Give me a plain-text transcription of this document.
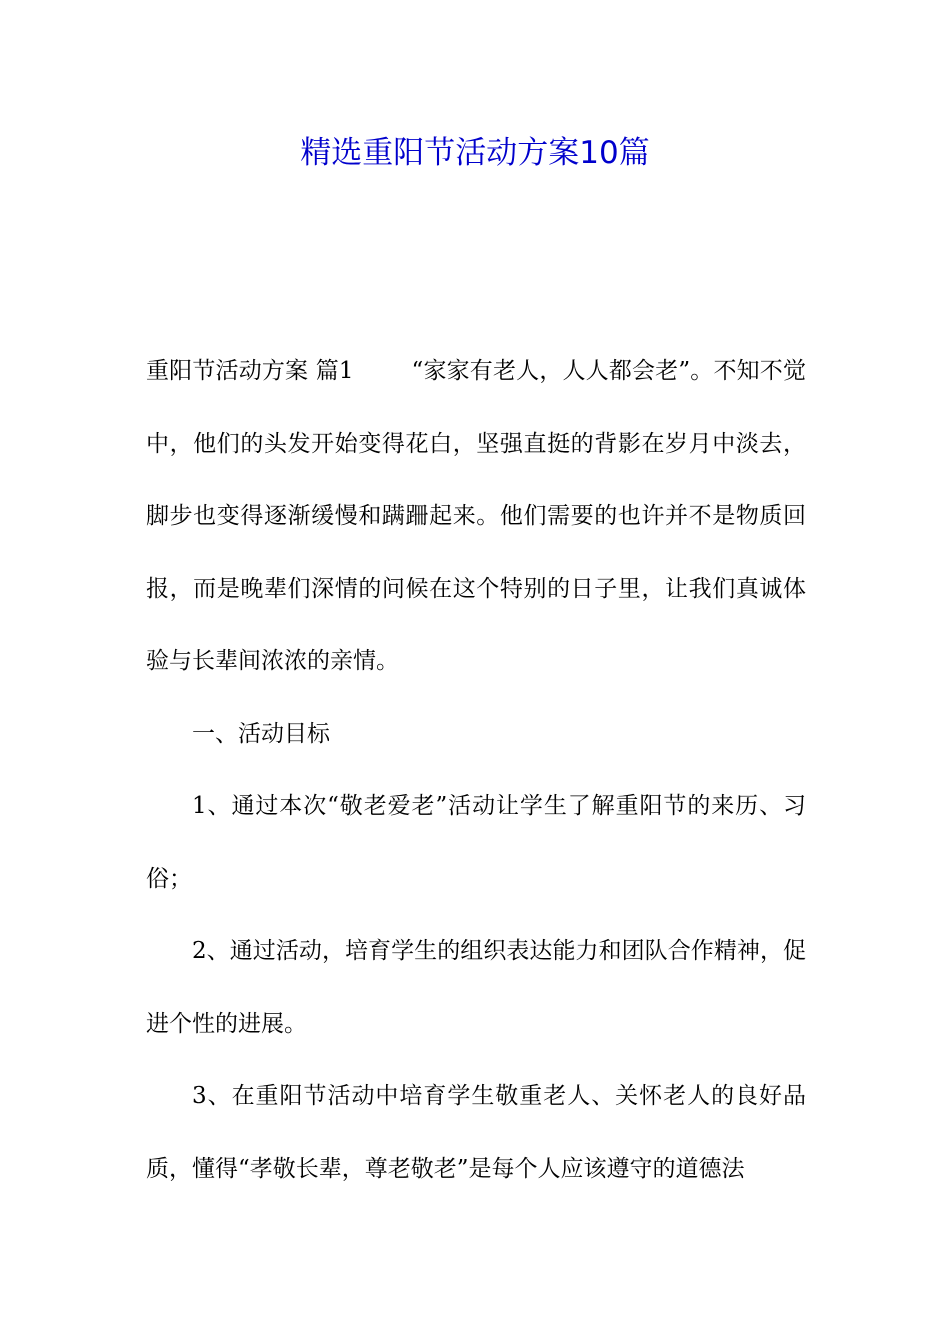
精选重阳节活动方案10篇

重阳节活动方案 篇1	“家家有老人，人人都会老”。不知不觉中，他们的头发开始变得花白，坚强直挺的背影在岁月中淡去，脚步也变得逐渐缓慢和蹒跚起来。他们需要的也许并不是物质回报，而是晚辈们深情的问候在这个特别的日子里，让我们真诚体验与长辈间浓浓的亲情。

一、活动目标

1、通过本次“敬老爱老”活动让学生了解重阳节的来历、习俗；

2、通过活动，培育学生的组织表达能力和团队合作精神，促进个性的进展。

3、在重阳节活动中培育学生敬重老人、关怀老人的良好品质，懂得“孝敬长辈，尊老敬老”是每个人应该遵守的道德法
